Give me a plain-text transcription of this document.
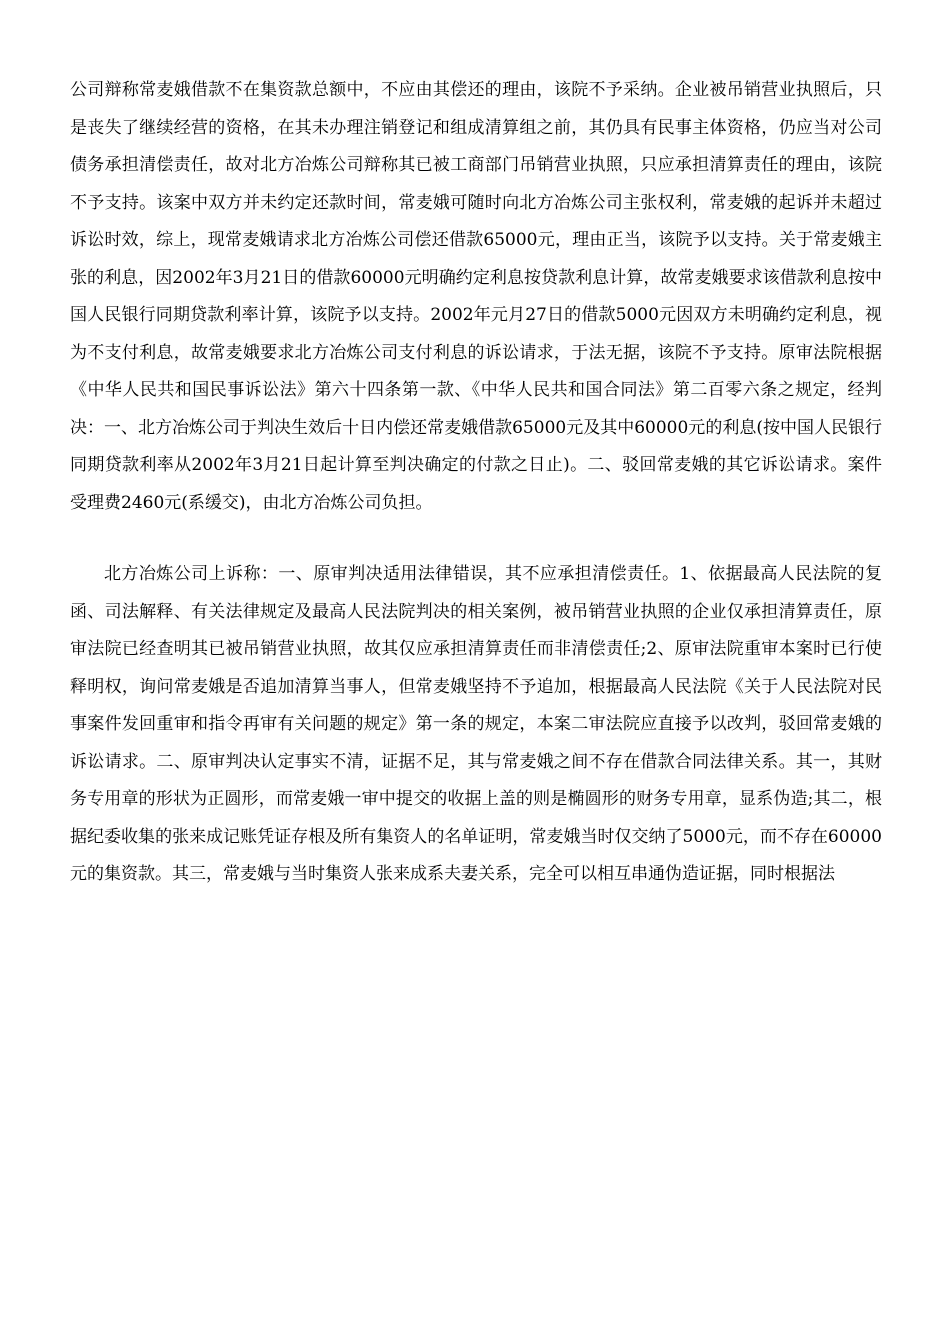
公司辩称常麦娥借款不在集资款总额中，不应由其偿还的理由，该院不予采纳。企业被吊销营业执照后，只是丧失了继续经营的资格，在其未办理注销登记和组成清算组之前，其仍具有民事主体资格，仍应当对公司债务承担清偿责任，故对北方冶炼公司辩称其已被工商部门吊销营业执照，只应承担清算责任的理由，该院不予支持。该案中双方并未约定还款时间，常麦娥可随时向北方冶炼公司主张权利，常麦娥的起诉并未超过诉讼时效，综上，现常麦娥请求北方冶炼公司偿还借款65000元，理由正当，该院予以支持。关于常麦娥主张的利息，因2002年3月21日的借款60000元明确约定利息按贷款利息计算，故常麦娥要求该借款利息按中国人民银行同期贷款利率计算，该院予以支持。2002年元月27日的借款5000元因双方未明确约定利息，视为不支付利息，故常麦娥要求北方冶炼公司支付利息的诉讼请求，于法无据，该院不予支持。原审法院根据《中华人民共和国民事诉讼法》第六十四条第一款、《中华人民共和国合同法》第二百零六条之规定，经判决：一、北方冶炼公司于判决生效后十日内偿还常麦娥借款65000元及其中60000元的利息(按中国人民银行同期贷款利率从2002年3月21日起计算至判决确定的付款之日止)。二、驳回常麦娥的其它诉讼请求。案件受理费2460元(系缓交)，由北方冶炼公司负担。

北方冶炼公司上诉称：一、原审判决适用法律错误，其不应承担清偿责任。1、依据最高人民法院的复函、司法解释、有关法律规定及最高人民法院判决的相关案例，被吊销营业执照的企业仅承担清算责任，原审法院已经查明其已被吊销营业执照，故其仅应承担清算责任而非清偿责任;2、原审法院重审本案时已行使释明权，询问常麦娥是否追加清算当事人，但常麦娥坚持不予追加，根据最高人民法院《关于人民法院对民事案件发回重审和指令再审有关问题的规定》第一条的规定，本案二审法院应直接予以改判，驳回常麦娥的诉讼请求。二、原审判决认定事实不清，证据不足，其与常麦娥之间不存在借款合同法律关系。其一，其财务专用章的形状为正圆形，而常麦娥一审中提交的收据上盖的则是椭圆形的财务专用章，显系伪造;其二，根据纪委收集的张来成记账凭证存根及所有集资人的名单证明，常麦娥当时仅交纳了5000元，而不存在60000元的集资款。其三，常麦娥与当时集资人张来成系夫妻关系，完全可以相互串通伪造证据，同时根据法
